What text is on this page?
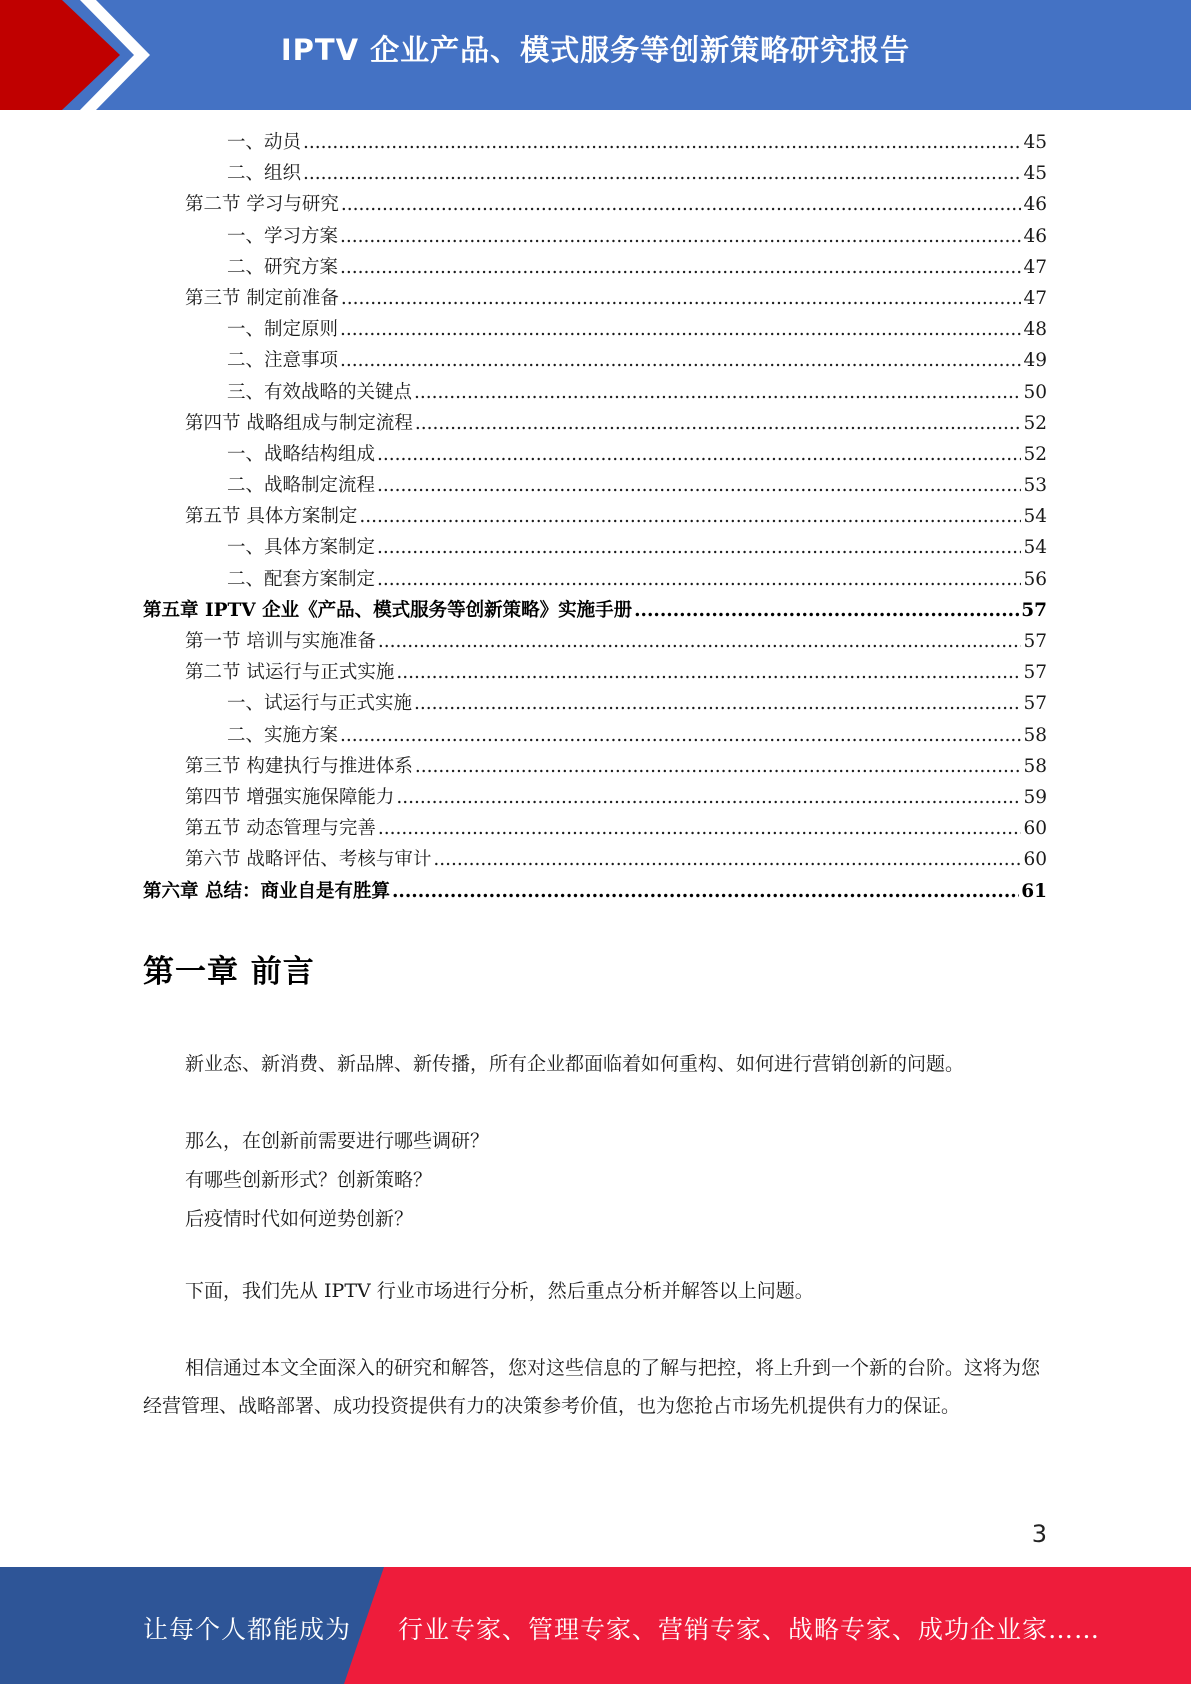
IPTV 企业产品、模式服务等创新策略研究报告
一、动员 .....	45
二、组织 .....	45
第二节 学习与研究 .....	46
一、学习方案 .....	46
二、研究方案 .....	47
第三节 制定前准备 .....	47
一、制定原则 .....	48
二、注意事项 .....	49
三、有效战略的关键点 .....	50
第四节 战略组成与制定流程 .....	52
一、战略结构组成 .....	52
二、战略制定流程 .....	53
第五节 具体方案制定 .....	54
一、具体方案制定 .....	54
二、配套方案制定 .....	56
第五章 IPTV 企业《产品、模式服务等创新策略》实施手册 .....	57
第一节 培训与实施准备 .....	57
第二节 试运行与正式实施 .....	57
一、试运行与正式实施 .....	57
二、实施方案 .....	58
第三节 构建执行与推进体系 .....	58
第四节 增强实施保障能力 .....	59
第五节 动态管理与完善 .....	60
第六节 战略评估、考核与审计 .....	60
第六章 总结：商业自是有胜算 .....	61
第一章 前言
新业态、新消费、新品牌、新传播，所有企业都面临着如何重构、如何进行营销创新的问题。
那么，在创新前需要进行哪些调研？
有哪些创新形式？创新策略？
后疫情时代如何逆势创新？
下面，我们先从 IPTV 行业市场进行分析，然后重点分析并解答以上问题。
相信通过本文全面深入的研究和解答，您对这些信息的了解与把控，将上升到一个新的台阶。这将为您经营管理、战略部署、成功投资提供有力的决策参考价值，也为您抢占市场先机提供有力的保证。
3
让每个人都能成为 行业专家、管理专家、营销专家、战略专家、成功企业家……
